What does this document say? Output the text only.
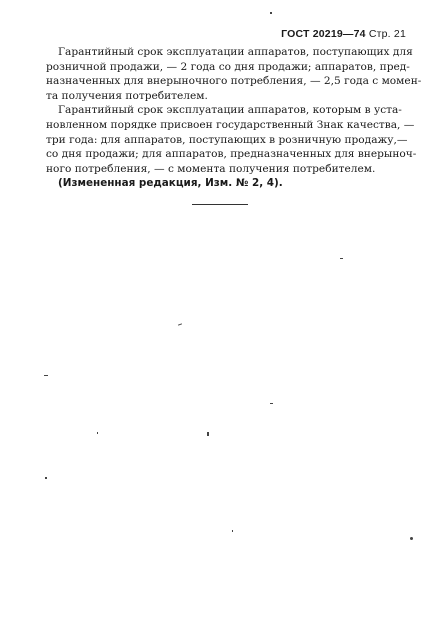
ГОСТ 20219—74 Стр. 21
Гарантийный срок эксплуатации аппаратов, поступающих для
розничной продажи, — 2 года со дня продажи; аппаратов, пред-
назначенных для внерыночного потребления, — 2,5 года с момен-
та получения потребителем.
Гарантийный срок эксплуатации аппаратов, которым в уста-
новленном порядке присвоен государственный Знак качества, —
три года: для аппаратов, поступающих в розничную продажу,—
со дня продажи; для аппаратов, предназначенных для внерыноч-
ного потребления, — с момента получения потребителем.
(Измененная редакция, Изм. № 2, 4).
